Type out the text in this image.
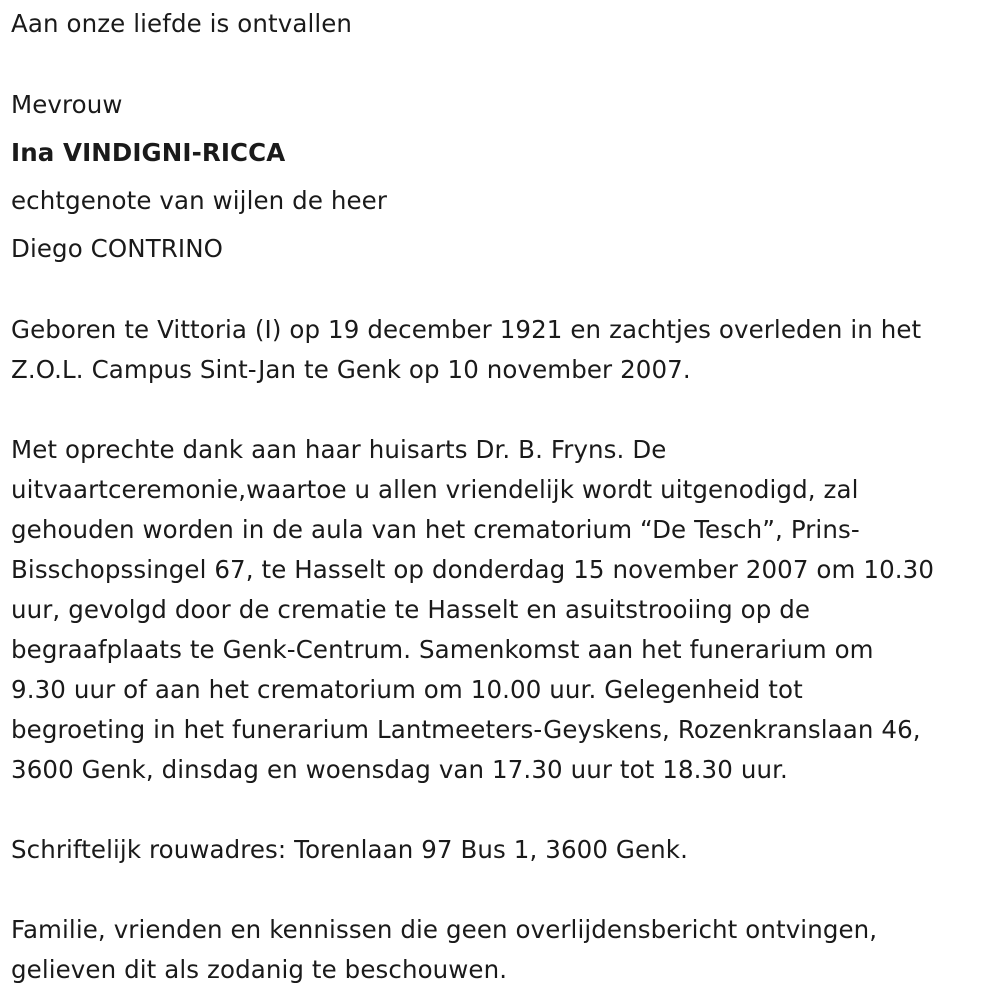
Aan onze liefde is ontvallen

Mevrouw

Ina VINDIGNI-RICCA

echtgenote van wijlen de heer

Diego CONTRINO

Geboren te Vittoria (I) op 19 december 1921 en zachtjes overleden in het
Z.O.L. Campus Sint-Jan te Genk op 10 november 2007.
Met oprechte dank aan haar huisarts Dr. B. Fryns. De
uitvaartceremonie,waartoe u allen vriendelijk wordt uitgenodigd, zal
gehouden worden in de aula van het crematorium “De Tesch”, Prins-
Bisschopssingel 67, te Hasselt op donderdag 15 november 2007 om 10.30
uur, gevolgd door de crematie te Hasselt en asuitstrooiing op de
begraafplaats te Genk-Centrum. Samenkomst aan het funerarium om
9.30 uur of aan het crematorium om 10.00 uur. Gelegenheid tot
begroeting in het funerarium Lantmeeters-Geyskens, Rozenkranslaan 46,
3600 Genk, dinsdag en woensdag van 17.30 uur tot 18.30 uur.

Schriftelijk rouwadres: Torenlaan 97 Bus 1, 3600 Genk.

Familie, vrienden en kennissen die geen overlijdensbericht ontvingen,
gelieven dit als zodanig te beschouwen.
